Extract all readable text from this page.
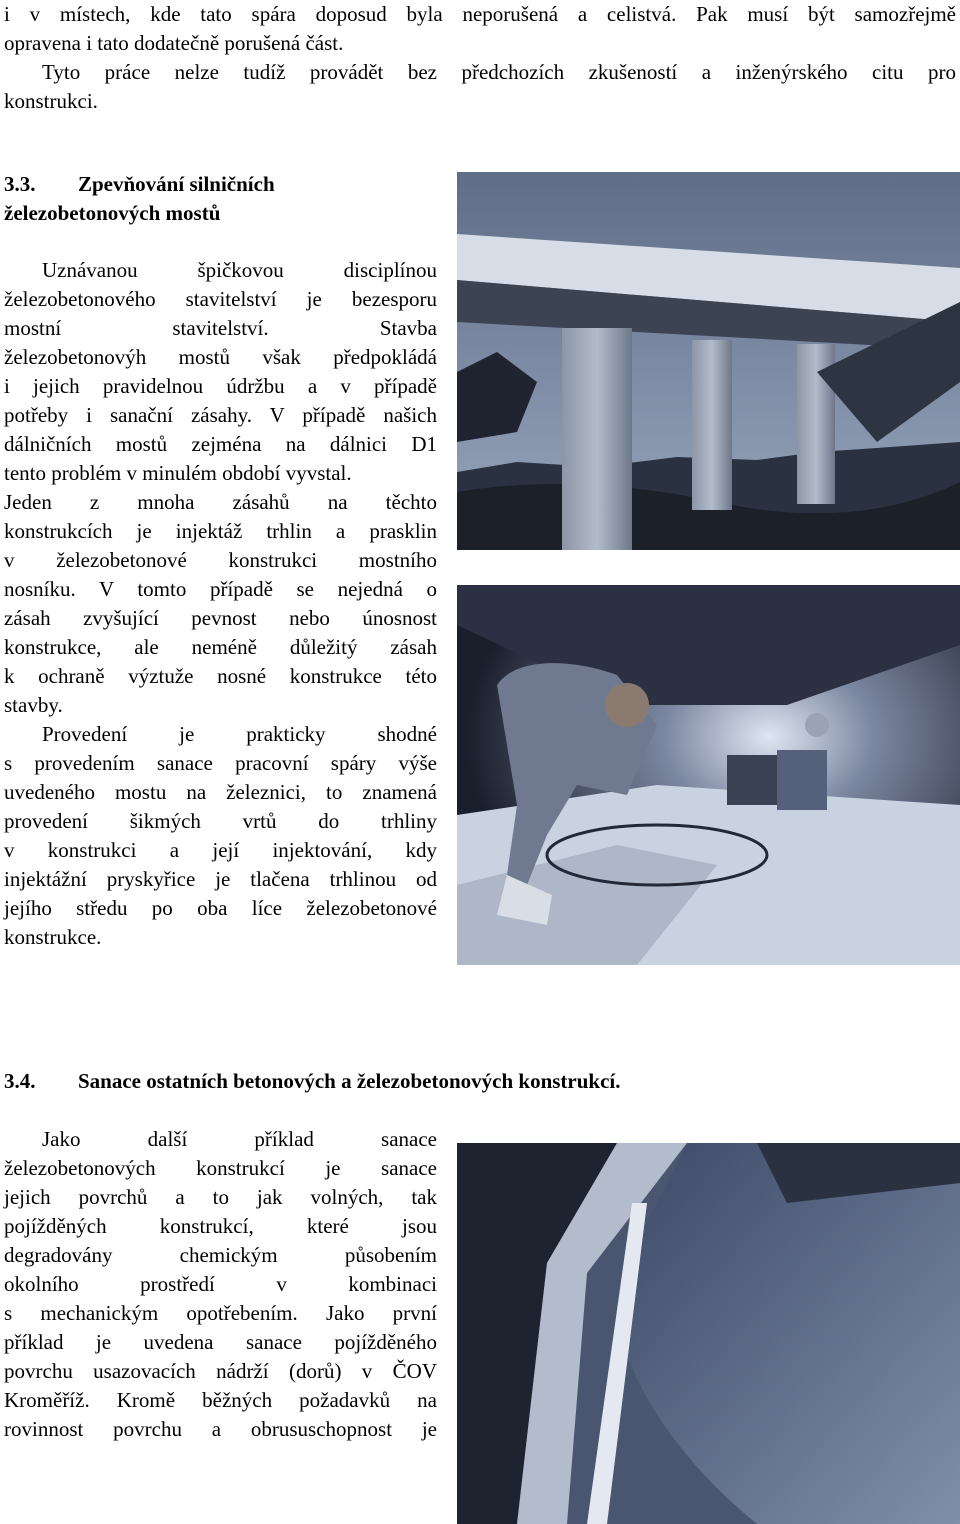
i v místech, kde tato spára doposud byla neporušená a celistvá. Pak musí být samozřejmě
opravena i tato dodatečně porušená část.
Tyto práce nelze tudíž provádět bez předchozích zkušeností a inženýrského citu pro
konstrukci.
3.3. Zpevňování silničních
železobetonových mostů
Uznávanou špičkovou disciplínou
železobetonového stavitelství je bezesporu
mostní stavitelství. Stavba
železobetonovýh mostů však předpokládá
i jejich pravidelnou údržbu a v případě
potřeby i sanační zásahy. V případě našich
dálničních mostů zejména na dálnici D1
tento problém v minulém období vyvstal.
Jeden z mnoha zásahů na těchto
konstrukcích je injektáž trhlin a prasklin
v železobetonové konstrukci mostního
nosníku. V tomto případě se nejedná o
zásah zvyšující pevnost nebo únosnost
konstrukce, ale neméně důležitý zásah
k ochraně výztuže nosné konstrukce této
stavby.
Provedení je prakticky shodné
s provedením sanace pracovní spáry výše
uvedeného mostu na železnici, to znamená
provedení šikmých vrtů do trhliny
v konstrukci a její injektování, kdy
injektážní pryskyřice je tlačena trhlinou od
jejího středu po oba líce železobetonové
konstrukce.
3.4. Sanace ostatních betonových a železobetonových konstrukcí.
Jako další příklad sanace
železobetonových konstrukcí je sanace
jejich povrchů a to jak volných, tak
pojížděných konstrukcí, které jsou
degradovány chemickým působením
okolního prostředí v kombinaci
s mechanickým opotřebením. Jako první
příklad je uvedena sanace pojížděného
povrchu usazovacích nádrží (dorů) v ČOV
Kroměříž. Kromě běžných požadavků na
rovinnost povrchu a obrususchopnost je
